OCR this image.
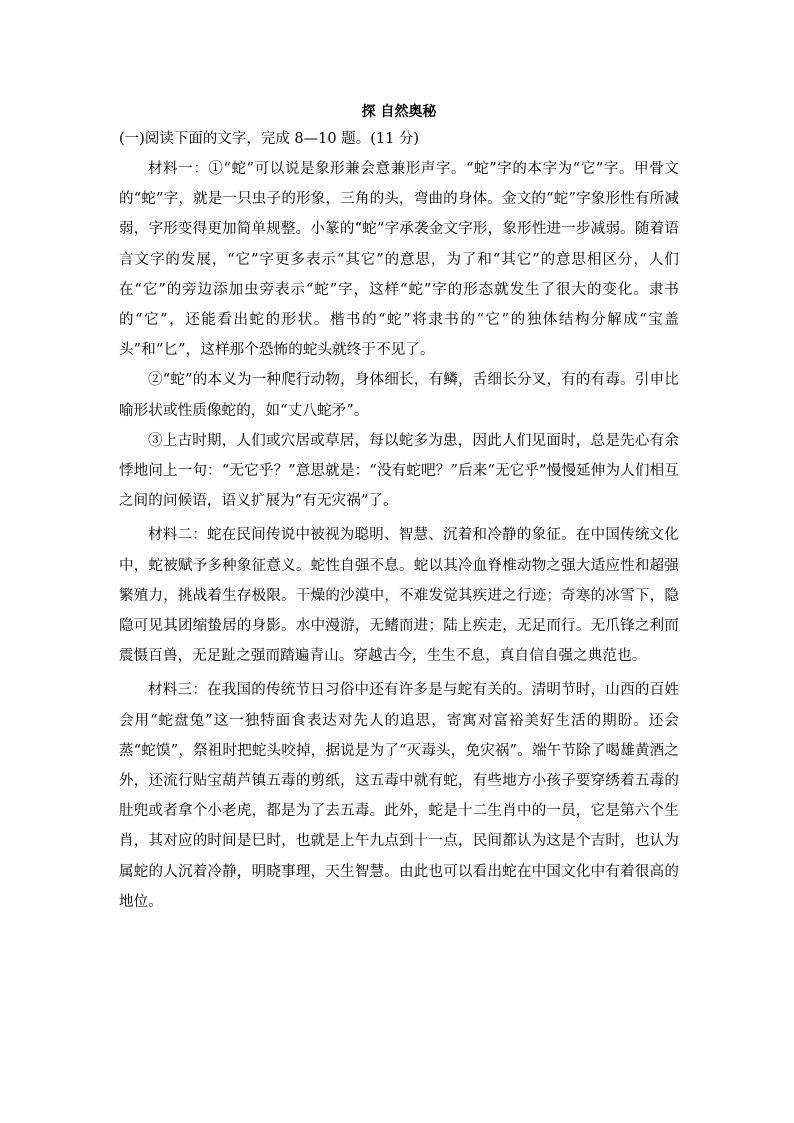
探 自然奥秘
(一)阅读下面的文字，完成 8—10 题。(11 分)

材料一：①“蛇”可以说是象形兼会意兼形声字。“蛇”字的本字为“它”字。甲骨文的“蛇”字，就是一只虫子的形象，三角的头，弯曲的身体。金文的“蛇”字象形性有所减弱，字形变得更加简单规整。小篆的“蛇”字承袭金文字形，象形性进一步减弱。随着语言文字的发展，“它”字更多表示“其它”的意思，为了和“其它”的意思相区分，人们在“它”的旁边添加虫旁表示“蛇”字，这样“蛇”字的形态就发生了很大的变化。隶书的“它”，还能看出蛇的形状。楷书的“蛇”将隶书的“它”的独体结构分解成“宝盖头”和“匕”，这样那个恐怖的蛇头就终于不见了。

②“蛇”的本义为一种爬行动物，身体细长，有鳞，舌细长分叉，有的有毒。引申比喻形状或性质像蛇的，如“丈八蛇矛”。

③上古时期，人们或穴居或草居，每以蛇多为患，因此人们见面时，总是先心有余悸地问上一句：“无它乎？”意思就是：“没有蛇吧？”后来“无它乎”慢慢延伸为人们相互之间的问候语，语义扩展为“有无灾祸”了。

材料二：蛇在民间传说中被视为聪明、智慧、沉着和冷静的象征。在中国传统文化中，蛇被赋予多种象征意义。蛇性自强不息。蛇以其冷血脊椎动物之强大适应性和超强繁殖力，挑战着生存极限。干燥的沙漠中，不难发觉其疾进之行迹；奇寒的冰雪下，隐隐可见其团缩蛰居的身影。水中漫游，无鳍而进；陆上疾走，无足而行。无爪锋之利而震慑百兽，无足趾之强而踏遍青山。穿越古今，生生不息，真自信自强之典范也。

材料三：在我国的传统节日习俗中还有许多是与蛇有关的。清明节时，山西的百姓会用“蛇盘兔”这一独特面食表达对先人的追思，寄寓对富裕美好生活的期盼。还会蒸“蛇馍”，祭祖时把蛇头咬掉，据说是为了“灭毒头，免灾祸”。端午节除了喝雄黄酒之外，还流行贴宝葫芦镇五毒的剪纸，这五毒中就有蛇，有些地方小孩子要穿绣着五毒的肚兜或者拿个小老虎，都是为了去五毒。此外，蛇是十二生肖中的一员，它是第六个生肖，其对应的时间是巳时，也就是上午九点到十一点，民间都认为这是个吉时，也认为属蛇的人沉着冷静，明晓事理，天生智慧。由此也可以看出蛇在中国文化中有着很高的地位。
